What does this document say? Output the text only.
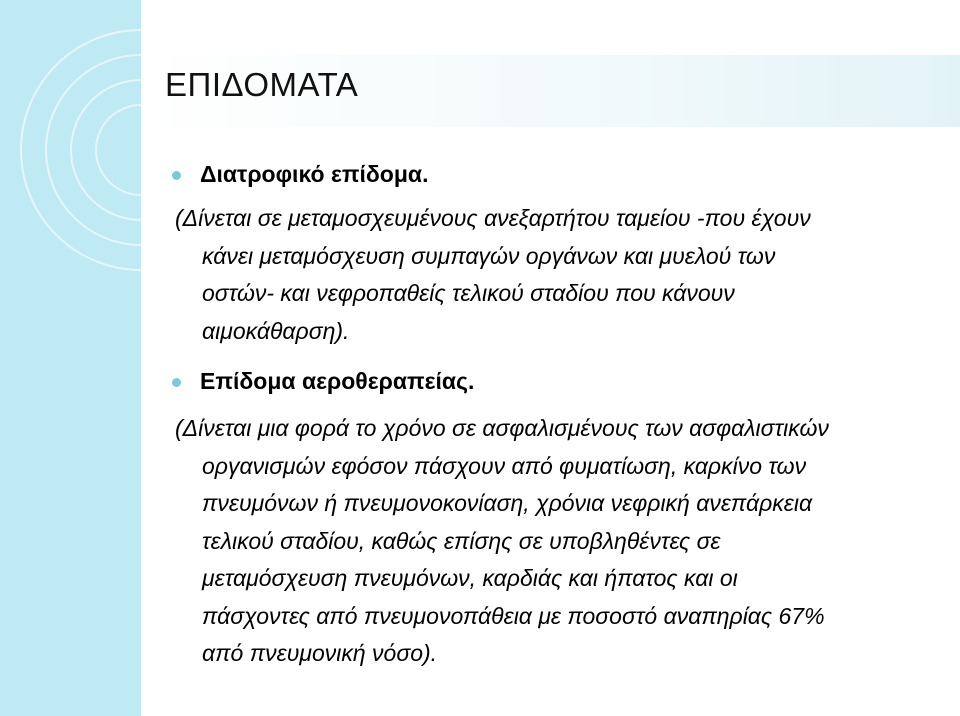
ΕΠΙΔΟΜΑΤΑ
Διατροφικό επίδομα.
(Δίνεται σε μεταμοσχευμένους ανεξαρτήτου ταμείου -που έχουν
κάνει μεταμόσχευση συμπαγών οργάνων και μυελού των
οστών- και νεφροπαθείς τελικού σταδίου που κάνουν
αιμοκάθαρση).
Επίδομα αεροθεραπείας.
(Δίνεται μια φορά το χρόνο σε ασφαλισμένους των ασφαλιστικών
οργανισμών εφόσον πάσχουν από φυματίωση, καρκίνο των
πνευμόνων ή πνευμονοκονίαση, χρόνια νεφρική ανεπάρκεια
τελικού σταδίου, καθώς επίσης σε υποβληθέντες σε
μεταμόσχευση πνευμόνων, καρδιάς και ήπατος και οι
πάσχοντες από πνευμονοπάθεια με ποσοστό αναπηρίας 67%
από πνευμονική νόσο).
